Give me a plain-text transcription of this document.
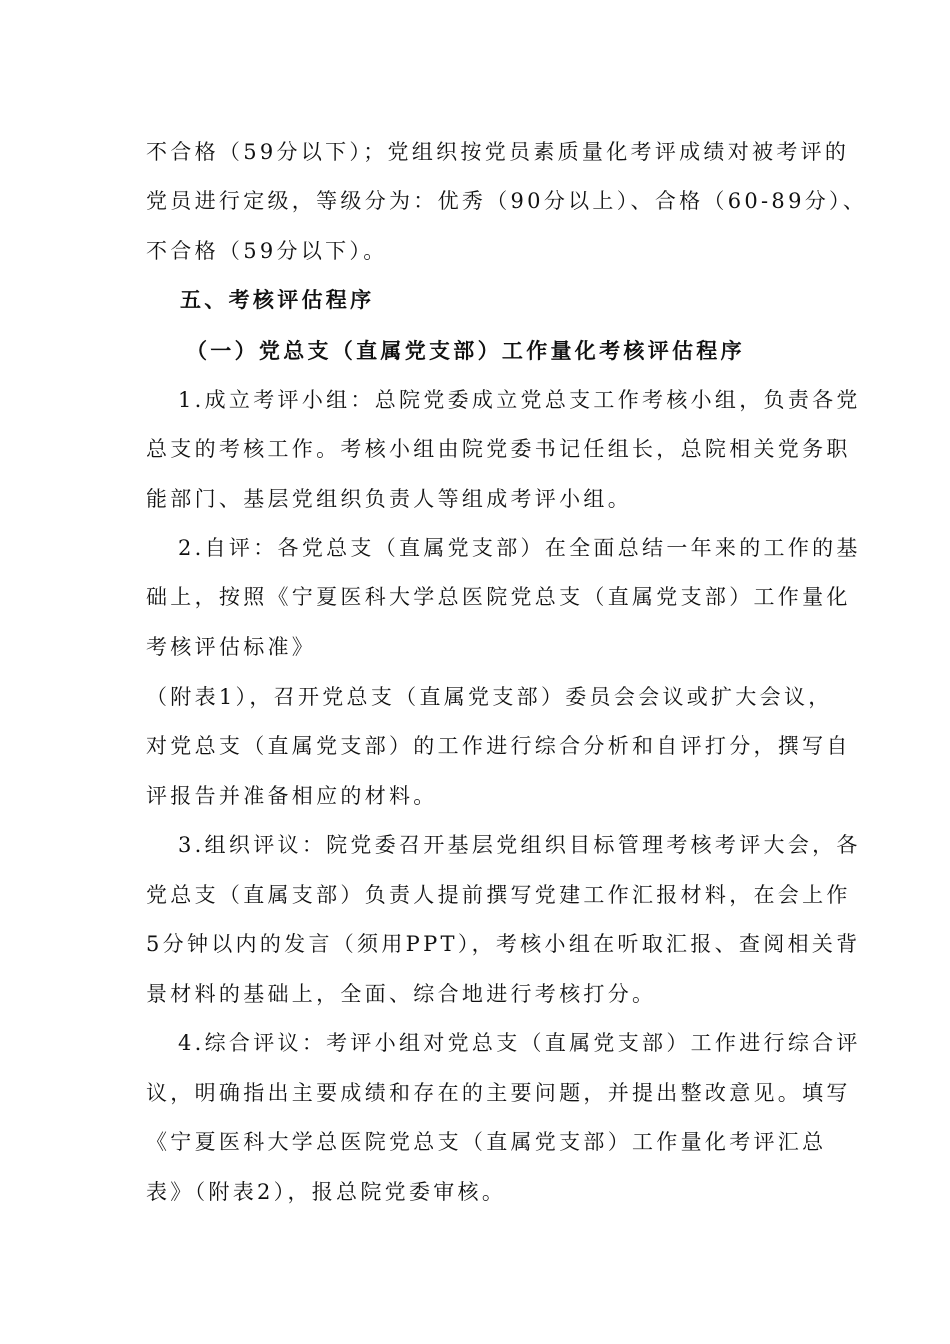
不合格（59分以下）；党组织按党员素质量化考评成绩对被考评的
党员进行定级，等级分为：优秀（90分以上）、合格（60-89分）、
不合格（59分以下）。
五、考核评估程序
（一）党总支（直属党支部）工作量化考核评估程序
1.成立考评小组：总院党委成立党总支工作考核小组，负责各党
总支的考核工作。考核小组由院党委书记任组长，总院相关党务职
能部门、基层党组织负责人等组成考评小组。
2.自评：各党总支（直属党支部）在全面总结一年来的工作的基
础上，按照《宁夏医科大学总医院党总支（直属党支部）工作量化
考核评估标准》
（附表1），召开党总支（直属党支部）委员会会议或扩大会议，
对党总支（直属党支部）的工作进行综合分析和自评打分，撰写自
评报告并准备相应的材料。
3.组织评议：院党委召开基层党组织目标管理考核考评大会，各
党总支（直属支部）负责人提前撰写党建工作汇报材料，在会上作
5分钟以内的发言（须用PPT），考核小组在听取汇报、查阅相关背
景材料的基础上，全面、综合地进行考核打分。
4.综合评议：考评小组对党总支（直属党支部）工作进行综合评
议，明确指出主要成绩和存在的主要问题，并提出整改意见。填写
《宁夏医科大学总医院党总支（直属党支部）工作量化考评汇总
表》（附表2），报总院党委审核。
